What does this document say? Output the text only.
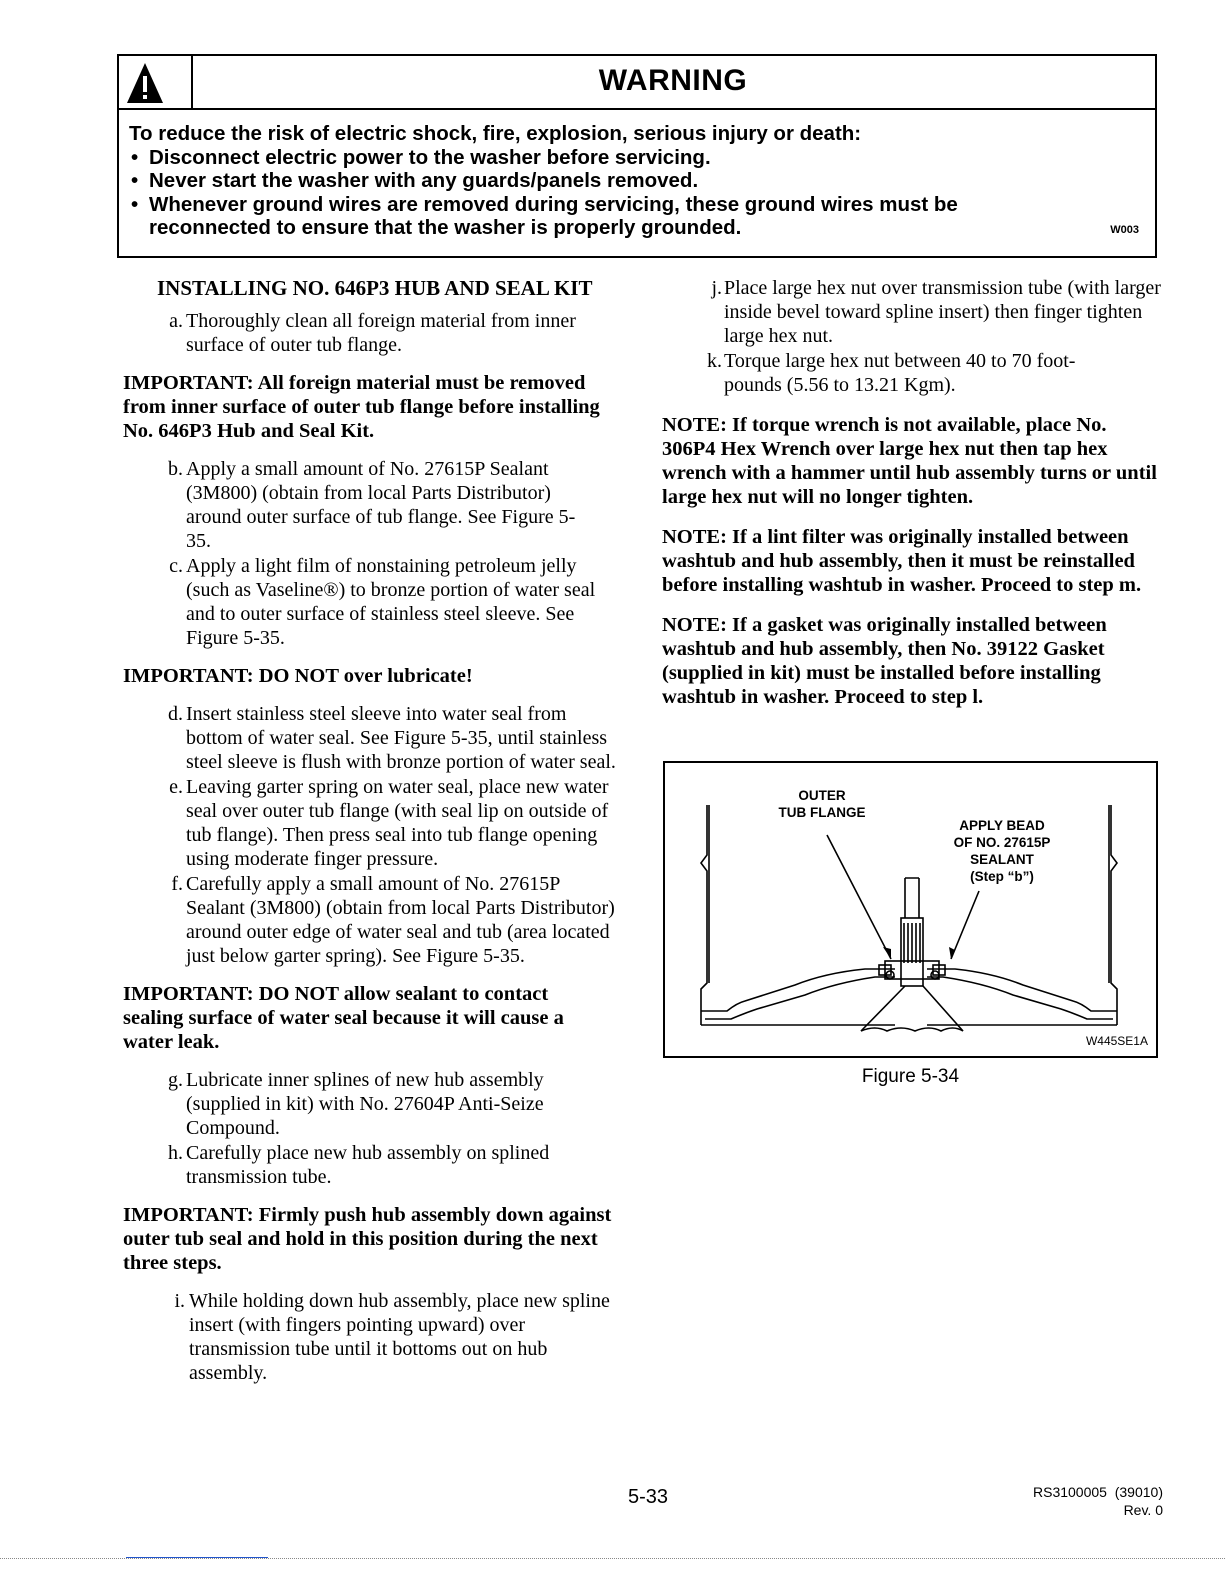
WARNING
To reduce the risk of electric shock, fire, explosion, serious injury or death:
• Disconnect electric power to the washer before servicing.
• Never start the washer with any guards/panels removed.
• Whenever ground wires are removed during servicing, these ground wires must be reconnected to ensure that the washer is properly grounded.	W003
INSTALLING NO. 646P3 HUB AND SEAL KIT
a. Thoroughly clean all foreign material from inner surface of outer tub flange.
IMPORTANT: All foreign material must be removed from inner surface of outer tub flange before installing No. 646P3 Hub and Seal Kit.
b. Apply a small amount of No. 27615P Sealant (3M800) (obtain from local Parts Distributor) around outer surface of tub flange. See Figure 5-35.
c. Apply a light film of nonstaining petroleum jelly (such as Vaseline®) to bronze portion of water seal and to outer surface of stainless steel sleeve. See Figure 5-35.
IMPORTANT: DO NOT over lubricate!
d. Insert stainless steel sleeve into water seal from bottom of water seal. See Figure 5-35, until stainless steel sleeve is flush with bronze portion of water seal.
e. Leaving garter spring on water seal, place new water seal over outer tub flange (with seal lip on outside of tub flange). Then press seal into tub flange opening using moderate finger pressure.
f. Carefully apply a small amount of No. 27615P Sealant (3M800) (obtain from local Parts Distributor) around outer edge of water seal and tub (area located just below garter spring). See Figure 5-35.
IMPORTANT: DO NOT allow sealant to contact sealing surface of water seal because it will cause a water leak.
g. Lubricate inner splines of new hub assembly (supplied in kit) with No. 27604P Anti-Seize Compound.
h. Carefully place new hub assembly on splined transmission tube.
IMPORTANT: Firmly push hub assembly down against outer tub seal and hold in this position during the next three steps.
i. While holding down hub assembly, place new spline insert (with fingers pointing upward) over transmission tube until it bottoms out on hub assembly.
j. Place large hex nut over transmission tube (with larger inside bevel toward spline insert) then finger tighten large hex nut.
k. Torque large hex nut between 40 to 70 foot-pounds (5.56 to 13.21 Kgm).
NOTE: If torque wrench is not available, place No. 306P4 Hex Wrench over large hex nut then tap hex wrench with a hammer until hub assembly turns or until large hex nut will no longer tighten.
NOTE: If a lint filter was originally installed between washtub and hub assembly, then it must be reinstalled before installing washtub in washer. Proceed to step m.
NOTE: If a gasket was originally installed between washtub and hub assembly, then No. 39122 Gasket (supplied in kit) must be installed before installing washtub in washer. Proceed to step l.
OUTER
TUB FLANGE
APPLY BEAD
OF NO. 27615P
SEALANT
(Step “b”)
W445SE1A
Figure 5-34
5-33	RS3100005  (39010)
Rev. 0
